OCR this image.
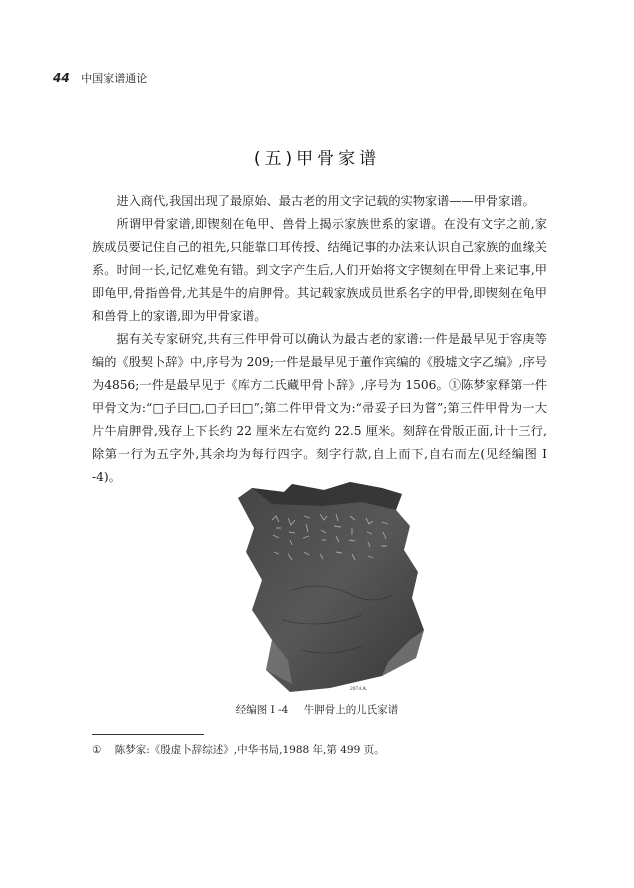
44 中国家谱通论
(五)甲骨家谱

进入商代,我国出现了最原始、最古老的用文字记载的实物家谱——甲骨家谱。

所谓甲骨家谱,即锲刻在龟甲、兽骨上揭示家族世系的家谱。在没有文字之前,家族成员要记住自己的祖先,只能靠口耳传授、结绳记事的办法来认识自己家族的血缘关系。时间一长,记忆难免有错。到文字产生后,人们开始将文字锲刻在甲骨上来记事,甲即龟甲,骨指兽骨,尤其是牛的肩胛骨。其记载家族成员世系名字的甲骨,即锲刻在龟甲和兽骨上的家谱,即为甲骨家谱。

据有关专家研究,共有三件甲骨可以确认为最古老的家谱:一件是最早见于容庚等编的《殷契卜辞》中,序号为 209;一件是最早见于董作宾编的《殷墟文字乙编》,序号为4856;一件是最早见于《库方二氏藏甲骨卜辞》,序号为 1506。①陈梦家释第一件甲骨文为:“□子曰□,□子曰□”;第二件甲骨文为:“帚妥子曰为嘗”;第三件甲骨为一大片牛肩胛骨,残存上下长约 22 厘米左右宽约 22.5 厘米。刻辞在骨版正面,计十三行,除第一行为五字外,其余均为每行四字。刻字行款,自上而下,自右而左(见经编图 I -4)。

2074 A.
经编图 I -4 牛胛骨上的儿氏家谱
① 陈梦家:《殷虚卜辞综述》,中华书局,1988 年,第 499 页。
